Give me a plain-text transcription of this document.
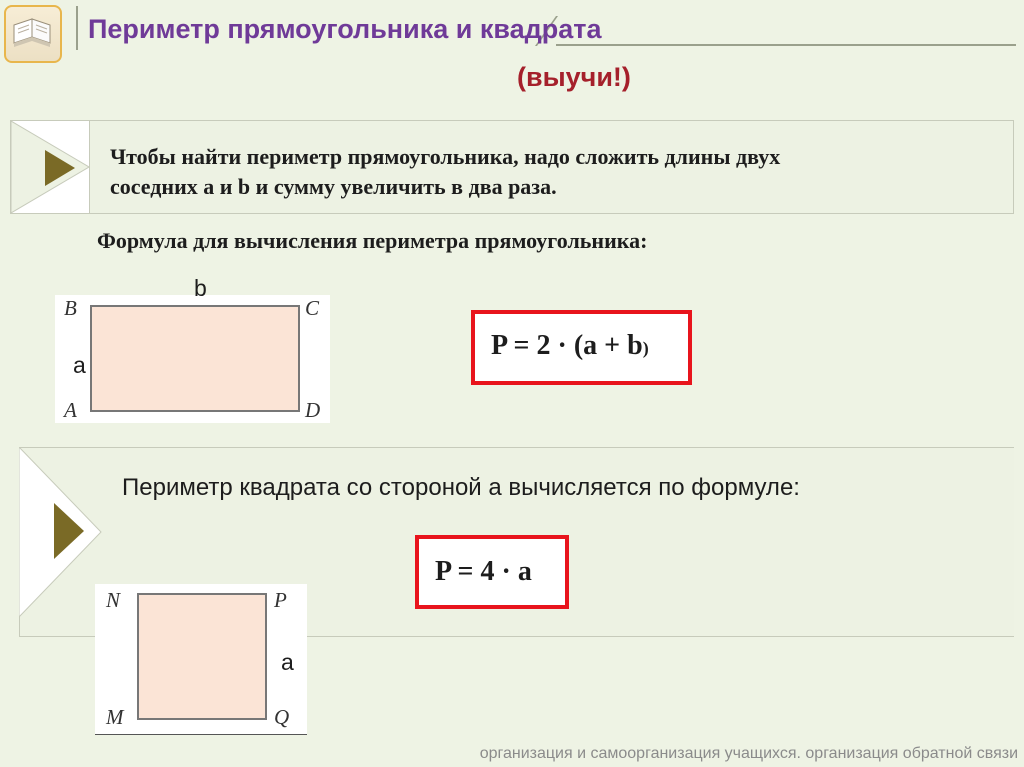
Периметр прямоугольника и квадрата
(выучи!)
Чтобы найти периметр прямоугольника, надо сложить длины двух
соседних a и b и сумму увеличить в два раза.
Формула для вычисления периметра прямоугольника:
B	C
A	D
b
a
P = 2 · (a + b)
Периметр квадрата со стороной а вычисляется по формуле:
P = 4 · a
N	P
M	Q
a
организация и самоорганизация учащихся. организация обратной связи
